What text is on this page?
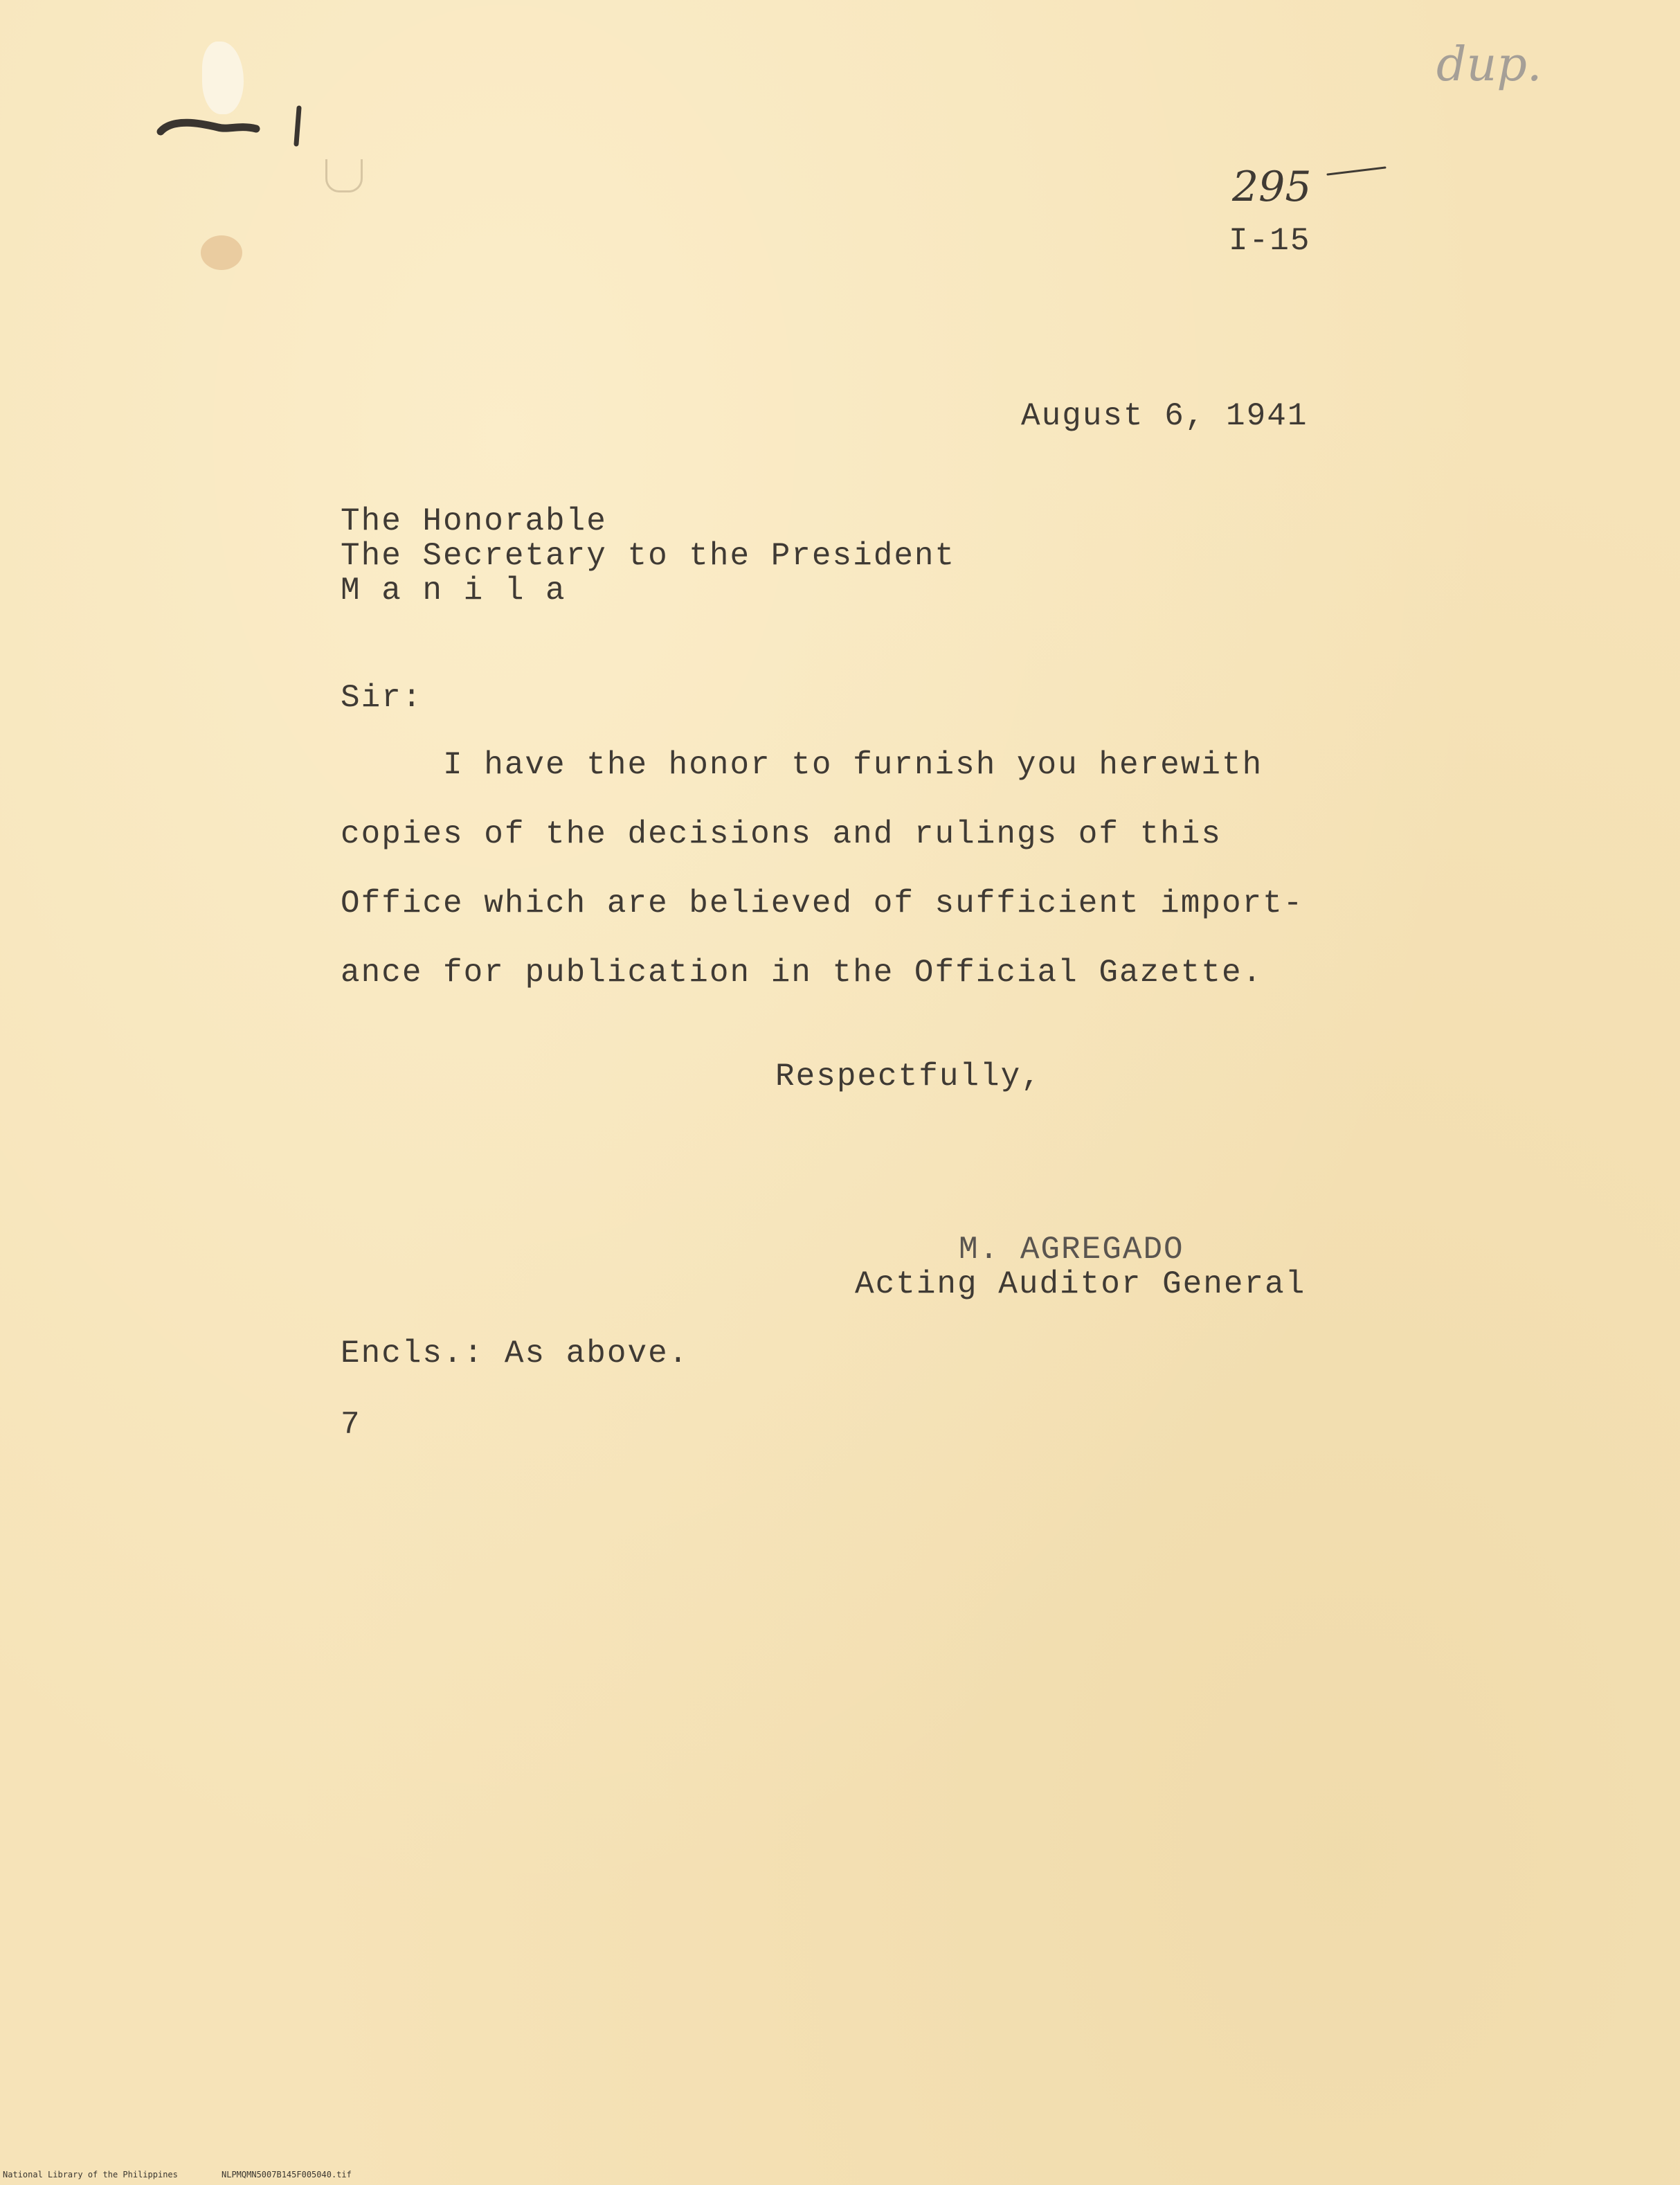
dup.
295
I-15
August 6, 1941
The Honorable
The Secretary to the President
M a n i l a
Sir:
I have the honor to furnish you herewith
copies of the decisions and rulings of this
Office which are believed of sufficient import-
ance for publication in the Official Gazette.
Respectfully,
M. AGREGADO
Acting Auditor General
Encls.: As above.
7
National Library of the Philippines	NLPMQMN5007B145F005040.tif
